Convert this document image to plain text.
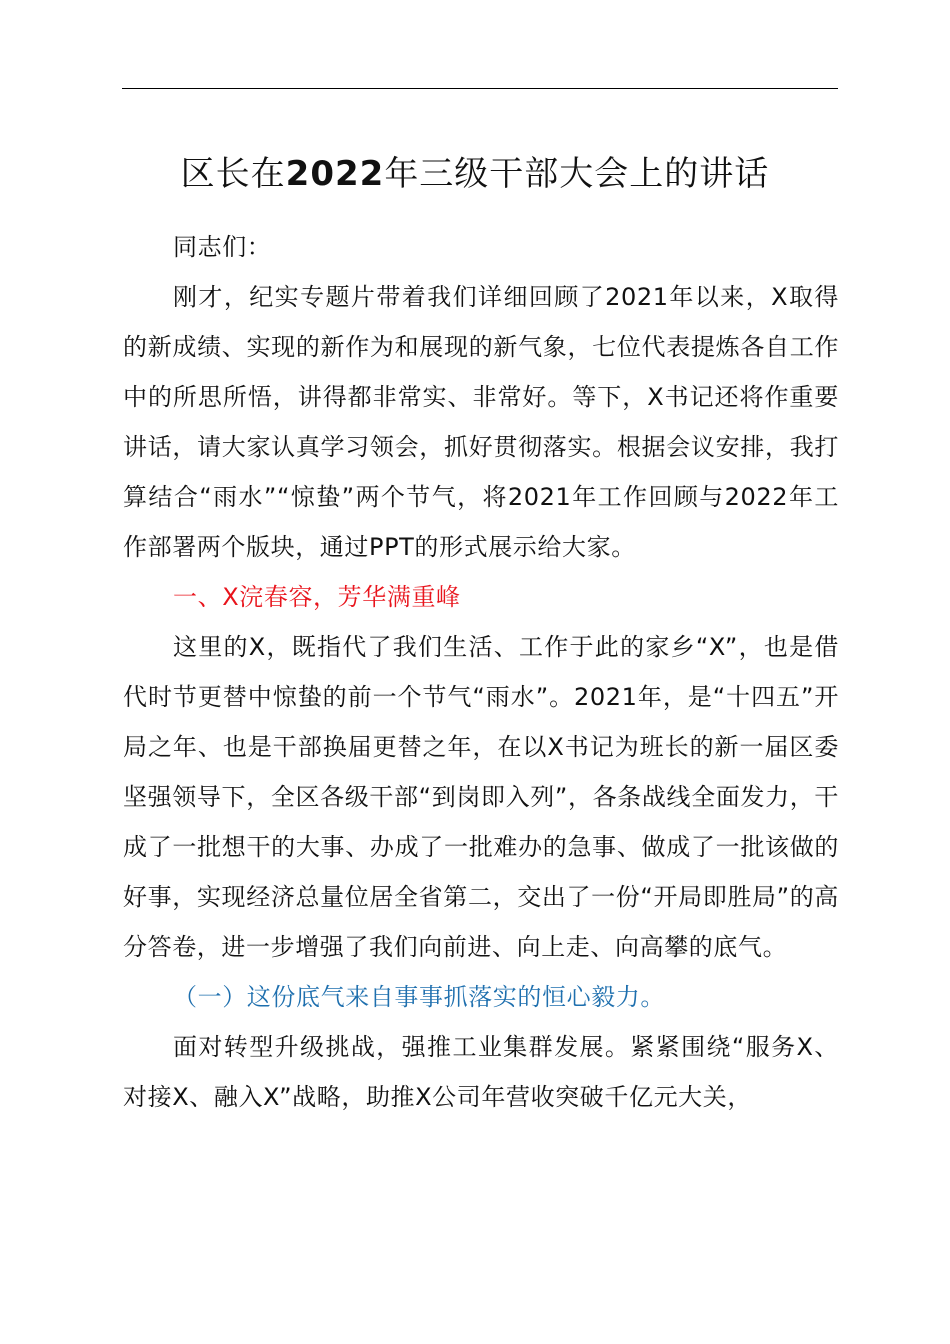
区长在2022年三级干部大会上的讲话

同志们：

刚才，纪实专题片带着我们详细回顾了2021年以来，X取得的新成绩、实现的新作为和展现的新气象，七位代表提炼各自工作中的所思所悟，讲得都非常实、非常好。等下，X书记还将作重要讲话，请大家认真学习领会，抓好贯彻落实。根据会议安排，我打算结合“雨水”“惊蛰”两个节气，将2021年工作回顾与2022年工作部署两个版块，通过PPT的形式展示给大家。

一、X浣春容，芳华满重峰

这里的X，既指代了我们生活、工作于此的家乡“X”，也是借代时节更替中惊蛰的前一个节气“雨水”。2021年，是“十四五”开局之年、也是干部换届更替之年，在以X书记为班长的新一届区委坚强领导下，全区各级干部“到岗即入列”，各条战线全面发力，干成了一批想干的大事、办成了一批难办的急事、做成了一批该做的好事，实现经济总量位居全省第二，交出了一份“开局即胜局”的高分答卷，进一步增强了我们向前进、向上走、向高攀的底气。

（一）这份底气来自事事抓落实的恒心毅力。

面对转型升级挑战，强推工业集群发展。紧紧围绕“服务X、对接X、融入X”战略，助推X公司年营收突破千亿元大关，
